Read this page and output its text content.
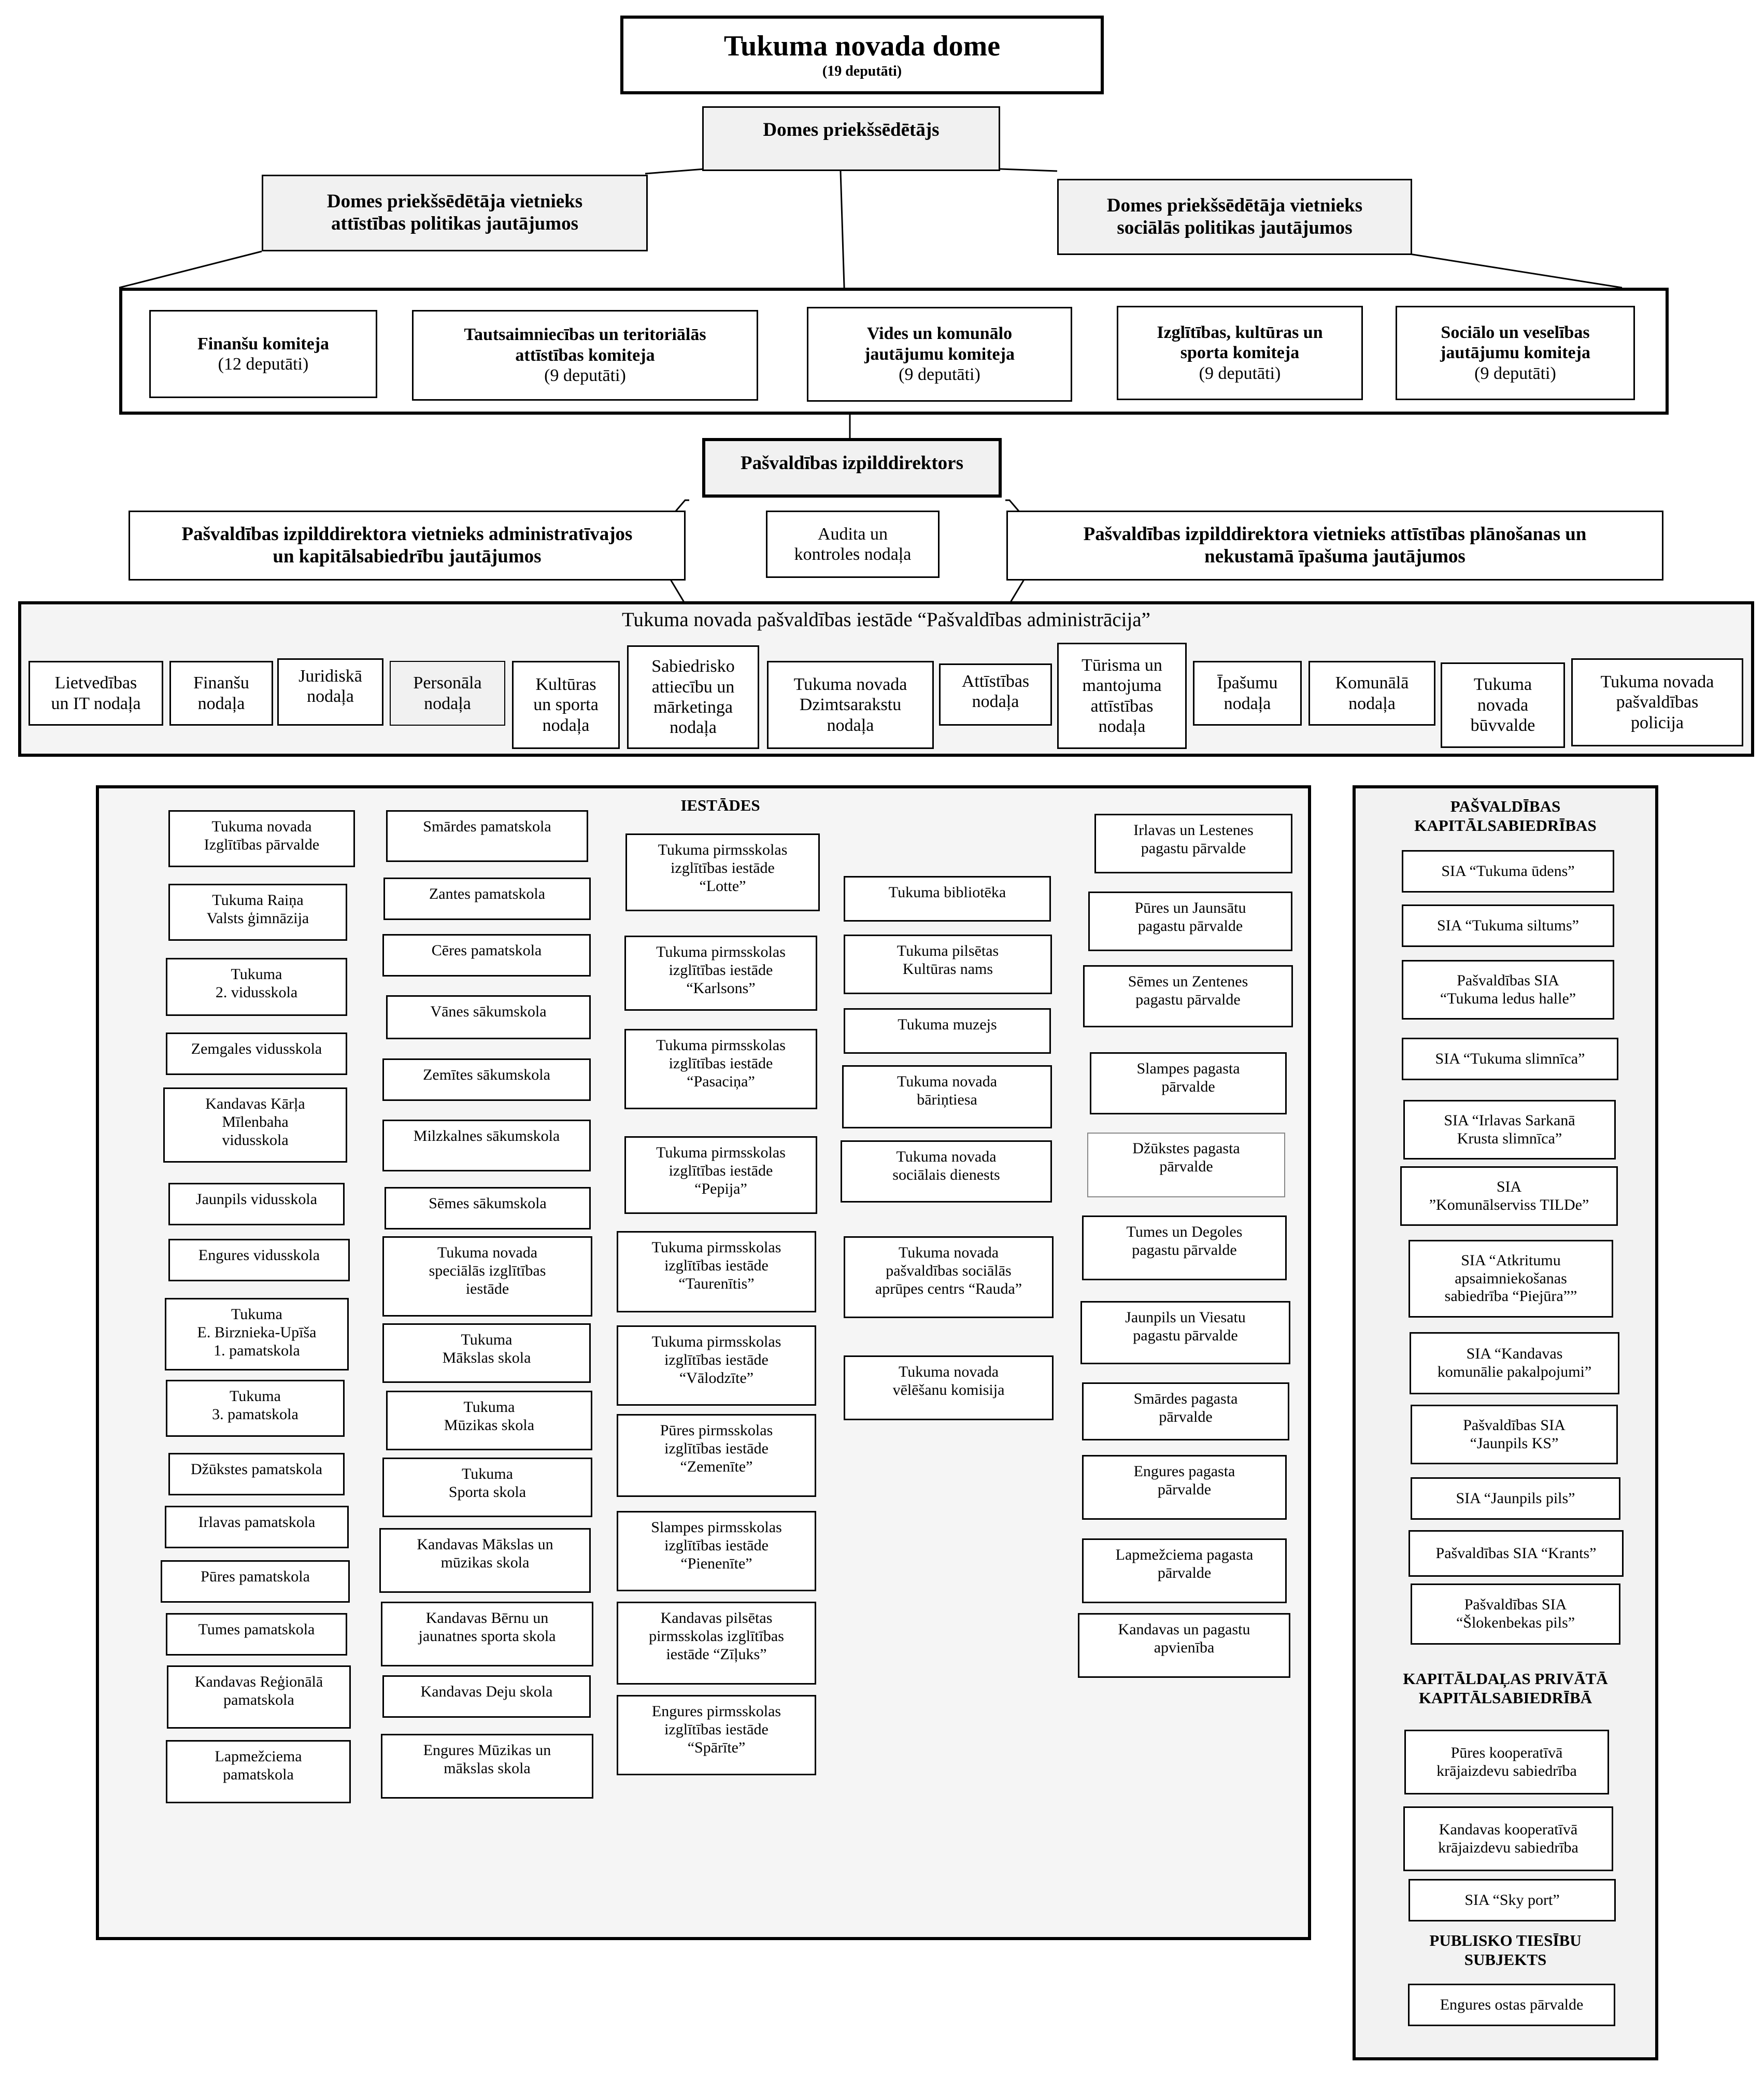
Tukuma novada dome
(19 deputāti)
Domes priekšsēdētājs
Domes priekšsēdētāja vietnieks
attīstības politikas jautājumos
Domes priekšsēdētāja vietnieks
sociālās politikas jautājumos
Finanšu komiteja
(12 deputāti)
Tautsaimniecības un teritoriālās
attīstības komiteja
(9 deputāti)
Vides un komunālo
jautājumu komiteja
(9 deputāti)
Izglītības, kultūras un
sporta komiteja
(9 deputāti)
Sociālo un veselības
jautājumu komiteja
(9 deputāti)
Pašvaldības izpilddirektors
Pašvaldības izpilddirektora vietnieks administratīvajos
un kapitālsabiedrību jautājumos
Audita un
kontroles nodaļa
Pašvaldības izpilddirektora vietnieks attīstības plānošanas un
nekustamā īpašuma jautājumos
Tukuma novada pašvaldības iestāde “Pašvaldības administrācija”
Lietvedības
un IT nodaļa
Finanšu
nodaļa
Juridiskā
nodaļa
Personāla
nodaļa
Kultūras
un sporta
nodaļa
Sabiedrisko
attiecību un
mārketinga
nodaļa
Tukuma novada
Dzimtsarakstu
nodaļa
Attīstības
nodaļa
Tūrisma un
mantojuma
attīstības
nodaļa
Īpašumu
nodaļa
Komunālā
nodaļa
Tukuma
novada
būvvalde
Tukuma novada
pašvaldības
policija
IESTĀDES	PAŠVALDĪBAS
KAPITĀLSABIEDRĪBAS
KAPITĀLDAĻAS PRIVĀTĀ
KAPITĀLSABIEDRĪBĀ
PUBLISKO TIESĪBU
SUBJEKTS
Tukuma novada
Izglītības pārvalde
Tukuma Raiņa
Valsts ģimnāzija
Tukuma
2. vidusskola
Zemgales vidusskola
Kandavas Kārļa
Mīlenbaha
vidusskola
Jaunpils vidusskola
Engures vidusskola
Tukuma
E. Birznieka-Upīša
1. pamatskola
Tukuma
3. pamatskola
Džūkstes pamatskola
Irlavas pamatskola
Pūres pamatskola
Tumes pamatskola
Kandavas Reģionālā
pamatskola
Lapmežciema
pamatskola
Smārdes pamatskola
Zantes pamatskola
Cēres pamatskola
Vānes sākumskola
Zemītes sākumskola
Milzkalnes sākumskola
Sēmes sākumskola
Tukuma novada
speciālās izglītības
iestāde
Tukuma
Mākslas skola
Tukuma
Mūzikas skola
Tukuma
Sporta skola
Kandavas Mākslas un
mūzikas skola
Kandavas Bērnu un
jaunatnes sporta skola
Kandavas Deju skola
Engures Mūzikas un
mākslas skola
Tukuma pirmsskolas
izglītības iestāde
“Lotte”
Tukuma pirmsskolas
izglītības iestāde
“Karlsons”
Tukuma pirmsskolas
izglītības iestāde
“Pasaciņa”
Tukuma pirmsskolas
izglītības iestāde
“Pepija”
Tukuma pirmsskolas
izglītības iestāde
“Taurenītis”
Tukuma pirmsskolas
izglītības iestāde
“Vālodzīte”
Pūres pirmsskolas
izglītības iestāde
“Zemenīte”
Slampes pirmsskolas
izglītības iestāde
“Pienenīte”
Kandavas pilsētas
pirmsskolas izglītības
iestāde “Zīļuks”
Engures pirmsskolas
izglītības iestāde
“Spārīte”
Tukuma bibliotēka
Tukuma pilsētas
Kultūras nams
Tukuma muzejs
Tukuma novada
bāriņtiesa
Tukuma novada
sociālais dienests
Tukuma novada
pašvaldības sociālās
aprūpes centrs “Rauda”
Tukuma novada
vēlēšanu komisija
Irlavas un Lestenes
pagastu pārvalde
Pūres un Jaunsātu
pagastu pārvalde
Sēmes un Zentenes
pagastu pārvalde
Slampes pagasta
pārvalde
Džūkstes pagasta
pārvalde
Tumes un Degoles
pagastu pārvalde
Jaunpils un Viesatu
pagastu pārvalde
Smārdes pagasta
pārvalde
Engures pagasta
pārvalde
Lapmežciema pagasta
pārvalde
Kandavas un pagastu
apvienība
SIA “Tukuma ūdens”
SIA “Tukuma siltums”
Pašvaldības SIA
“Tukuma ledus halle”
SIA “Tukuma slimnīca”
SIA “Irlavas Sarkanā
Krusta slimnīca”
SIA
”Komunālserviss TILDe”
SIA “Atkritumu
apsaimniekošanas
sabiedrība “Piejūra””
SIA “Kandavas
komunālie pakalpojumi”
Pašvaldības SIA
“Jaunpils KS”
SIA “Jaunpils pils”
Pašvaldības SIA “Krants”
Pašvaldības SIA
“Šlokenbekas pils”
Pūres kooperatīvā
krājaizdevu sabiedrība
Kandavas kooperatīvā
krājaizdevu sabiedrība
SIA “Sky port”
Engures ostas pārvalde
